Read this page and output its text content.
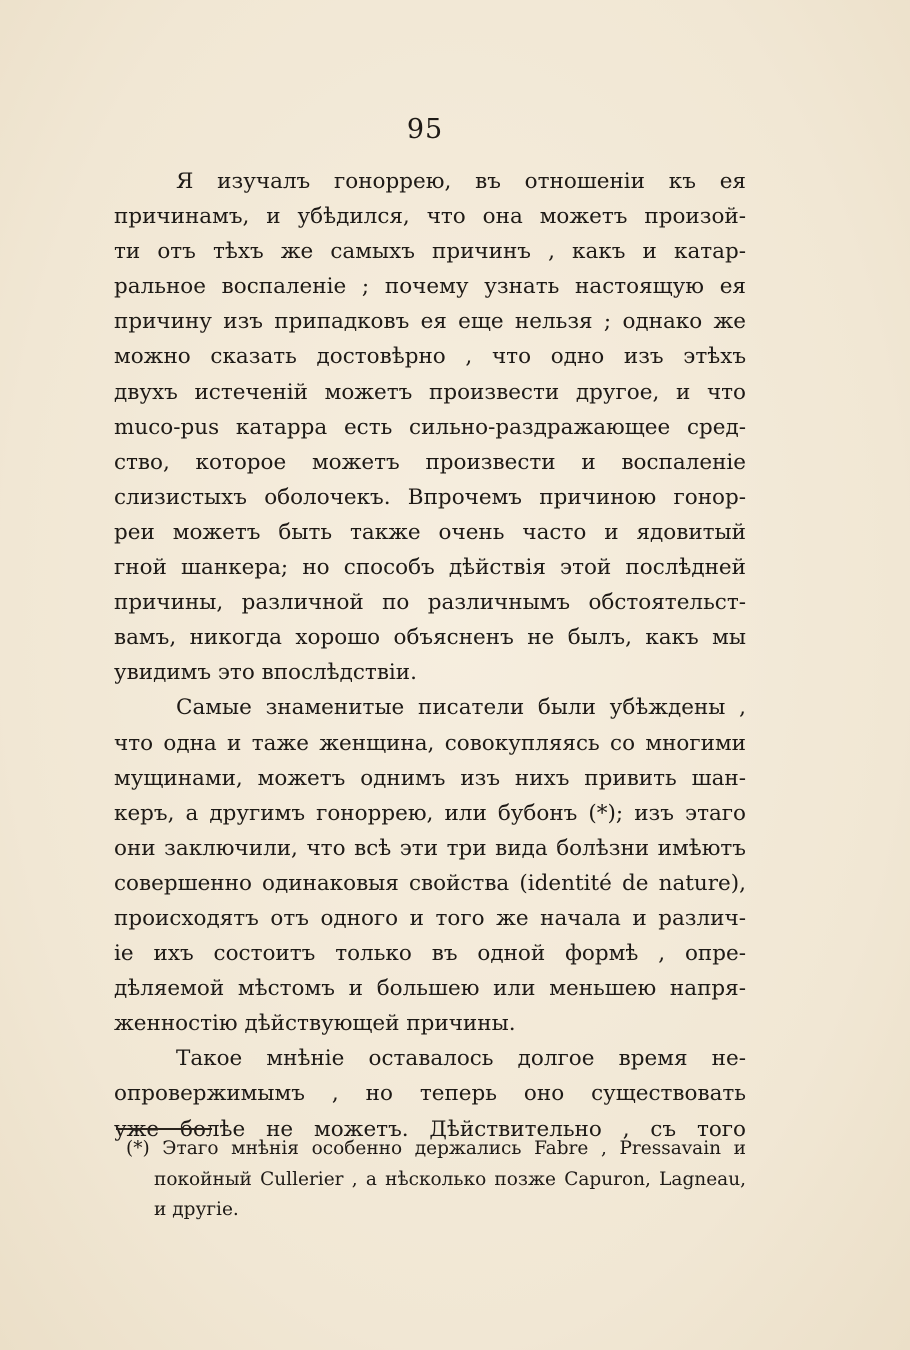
95

Я изучалъ гоноррею, въ отношеніи къ ея
причинамъ, и убѣдился, что она можетъ произой-
ти отъ тѣхъ же самыхъ причинъ , какъ и катар-
ральное воспаленіе ; почему узнать настоящую ея
причину изъ припадковъ ея еще нельзя ; однако же
можно сказать достовѣрно , что одно изъ этѣхъ
двухъ истеченій можетъ произвести другое, и что
muco-pus катарра есть сильно-раздражающее сред-
ство, которое можетъ произвести и воспаленіе
слизистыхъ оболочекъ. Впрочемъ причиною гонор-
реи можетъ быть также очень часто и ядовитый
гной шанкера; но способъ дѣйствія этой послѣдней
причины, различной по различнымъ обстоятельст-
вамъ, никогда хорошо объясненъ не былъ, какъ мы
увидимъ это впослѣдствіи.

Самые знаменитые писатели были убѣждены ,
что одна и таже женщина, совокупляясь со многими
мущинами, можетъ однимъ изъ нихъ привить шан-
керъ, а другимъ гоноррею, или бубонъ (*); изъ этаго
они заключили, что всѣ эти три вида болѣзни имѣютъ
совершенно одинаковыя свойства (identité de nature),
происходятъ отъ одного и того же начала и различ-
іе ихъ состоитъ только въ одной формѣ , опре-
дѣляемой мѣстомъ и большею или меньшею напря-
женностію дѣйствующей причины.

Такое мнѣніе оставалось долгое время не-
опровержимымъ , но теперь оно существовать
уже болѣе не можетъ. Дѣйствительно , съ того

(*) Этаго мнѣнія особенно держались Fabre , Pressavain и
покойный Cullerier , а нѣсколько позже Capuron, Lagneau,
и другіе.
